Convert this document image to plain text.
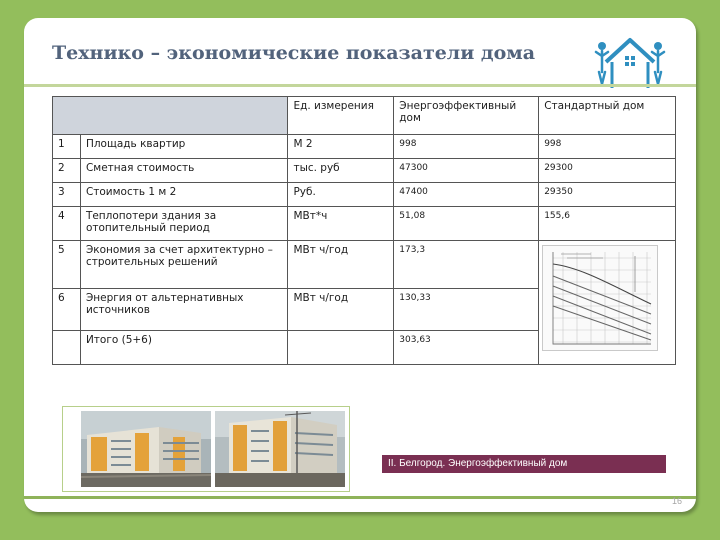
Технико – экономические показатели дома
		Ед. измерения	Энергоэффективный дом	Стандартный дом
1	Площадь квартир	М 2	998	998
2	Сметная стоимость	тыс. руб	47300	29300
3	Стоимость 1 м 2	Руб.	47400	29350
4	Теплопотери здания за отопительный период	МВт*ч	51,08	155,6
5	Экономия за счет архитектурно – строительных решений	МВт ч/год	173,3	

6	Энергия от альтернативных источников	МВт ч/год	130,33	
	Итого (5+6)		303,63	
II. Белгород. Энергоэффективный дом
16
